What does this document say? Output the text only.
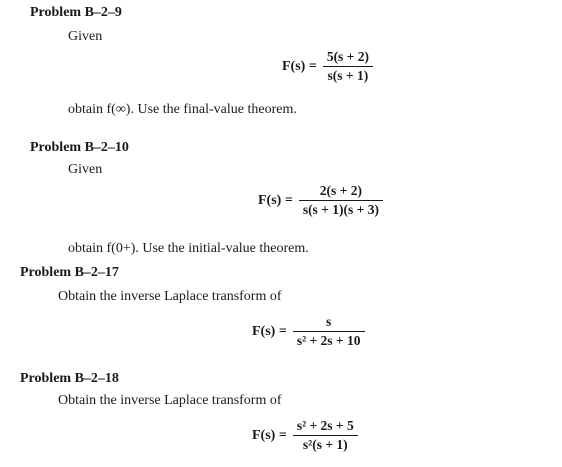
Problem B–2–9
Given
$F(s) = \frac{5(s + 2)}{s(s + 1)}$
obtain f(∞). Use the final-value theorem.
Problem B–2–10
Given
$F(s) = \frac{2(s + 2)}{s(s + 1)(s + 3)}$
obtain f(0+). Use the initial-value theorem.
Problem B–2–17
Obtain the inverse Laplace transform of
$F(s) = \frac{s}{\text{s² + 2s + 10}}$
Problem B–2–18
Obtain the inverse Laplace transform of
$F(s) = \frac{\text{s² + 2s + 5}}{\text{s²(s + 1)}}$
